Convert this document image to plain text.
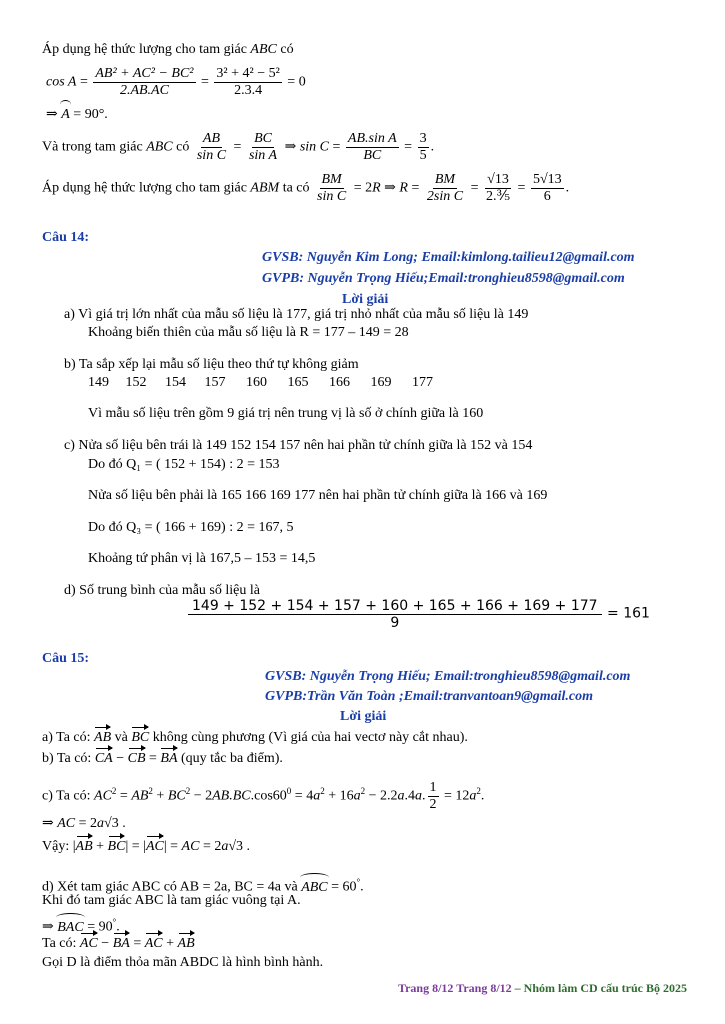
Áp dụng hệ thức lượng cho tam giác ABC có
$\cos A = \frac{\text{AB² + AC² − BC²}}{2.AB.AC} = \frac{\text{3² + 4² − 5²}}{2.3.4} = 0$
⇒ A = 90°.
Và trong tam giác ABC có $\frac{AB}{\text{sin C}} = \frac{BC}{\text{sin A}}$ ⇒ $\sin C = \frac{\text{AB.sin A}}{BC} = \frac{3}{5}$ .
Áp dụng hệ thức lượng cho tam giác ABM ta có $\frac{BM}{\text{sin C}} = 2R$ ⇒ $R = \frac{BM}{\text{2sin C}} = \frac{√13}{\text{2.⅗}} = \frac{5√13}{6}$ .
Câu 14:
GVSB: Nguyễn Kim Long; Email:kimlong.tailieu12@gmail.com
GVPB: Nguyễn Trọng Hiếu;Email:tronghieu8598@gmail.com
Lời giải
a) Vì giá trị lớn nhất của mẫu số liệu là 177, giá trị nhỏ nhất của mẫu số liệu là 149
Khoảng biến thiên của mẫu số liệu là R = 177 – 149 = 28
b) Ta sắp xếp lại mẫu số liệu theo thứ tự không giảm
149 152 154 157 160 165 166 169 177
Vì mẫu số liệu trên gồm 9 giá trị nên trung vị là số ở chính giữa là 160
c) Nửa số liệu bên trái là 149 152 154 157 nên hai phần tử chính giữa là 152 và 154
Do đó Q₁ = ( 152 + 154) : 2 = 153
Nửa số liệu bên phải là 165 166 169 177 nên hai phần tử chính giữa là 166 và 169
Do đó Q₃ = ( 166 + 169) : 2 = 167, 5
Khoảng tứ phân vị là 167,5 – 153 = 14,5
d) Số trung bình của mẫu số liệu là
$\frac{149 + 152 + 154 + 157 + 160 + 165 + 166 + 169 + 177}{9} = 161$
Câu 15:
GVSB: Nguyễn Trọng Hiếu; Email:tronghieu8598@gmail.com
GVPB:Trần Văn Toàn ;Email:tranvantoan9@gmail.com
Lời giải
a) Ta có: AB và BC không cùng phương (Vì giá của hai vectơ này cắt nhau).
b) Ta có: CA − CB = BA (quy tắc ba điểm).
c) Ta có: $AC^2 = AB^2 + BC^2 - 2AB.BC.\cos 60^0 = 4a^2 + 16a^2 - 2.2a.4a$. $\frac{1}{2} = 12a^2$.
⇒ AC = 2a√3 .
Vậy: |AB + BC| = |AC| = AC = 2a√3 .
d) Xét tam giác ABC có AB = 2a, BC = 4a và ABC = 60°.
Khi đó tam giác ABC là tam giác vuông tại A.
⇒ BAC = 90°.
Ta có: AC − BA = AC + AB
Gọi D là điểm thỏa mãn ABDC là hình bình hành.
Trang 8/12 Trang 8/12 – Nhóm làm CD cấu trúc Bộ 2025
